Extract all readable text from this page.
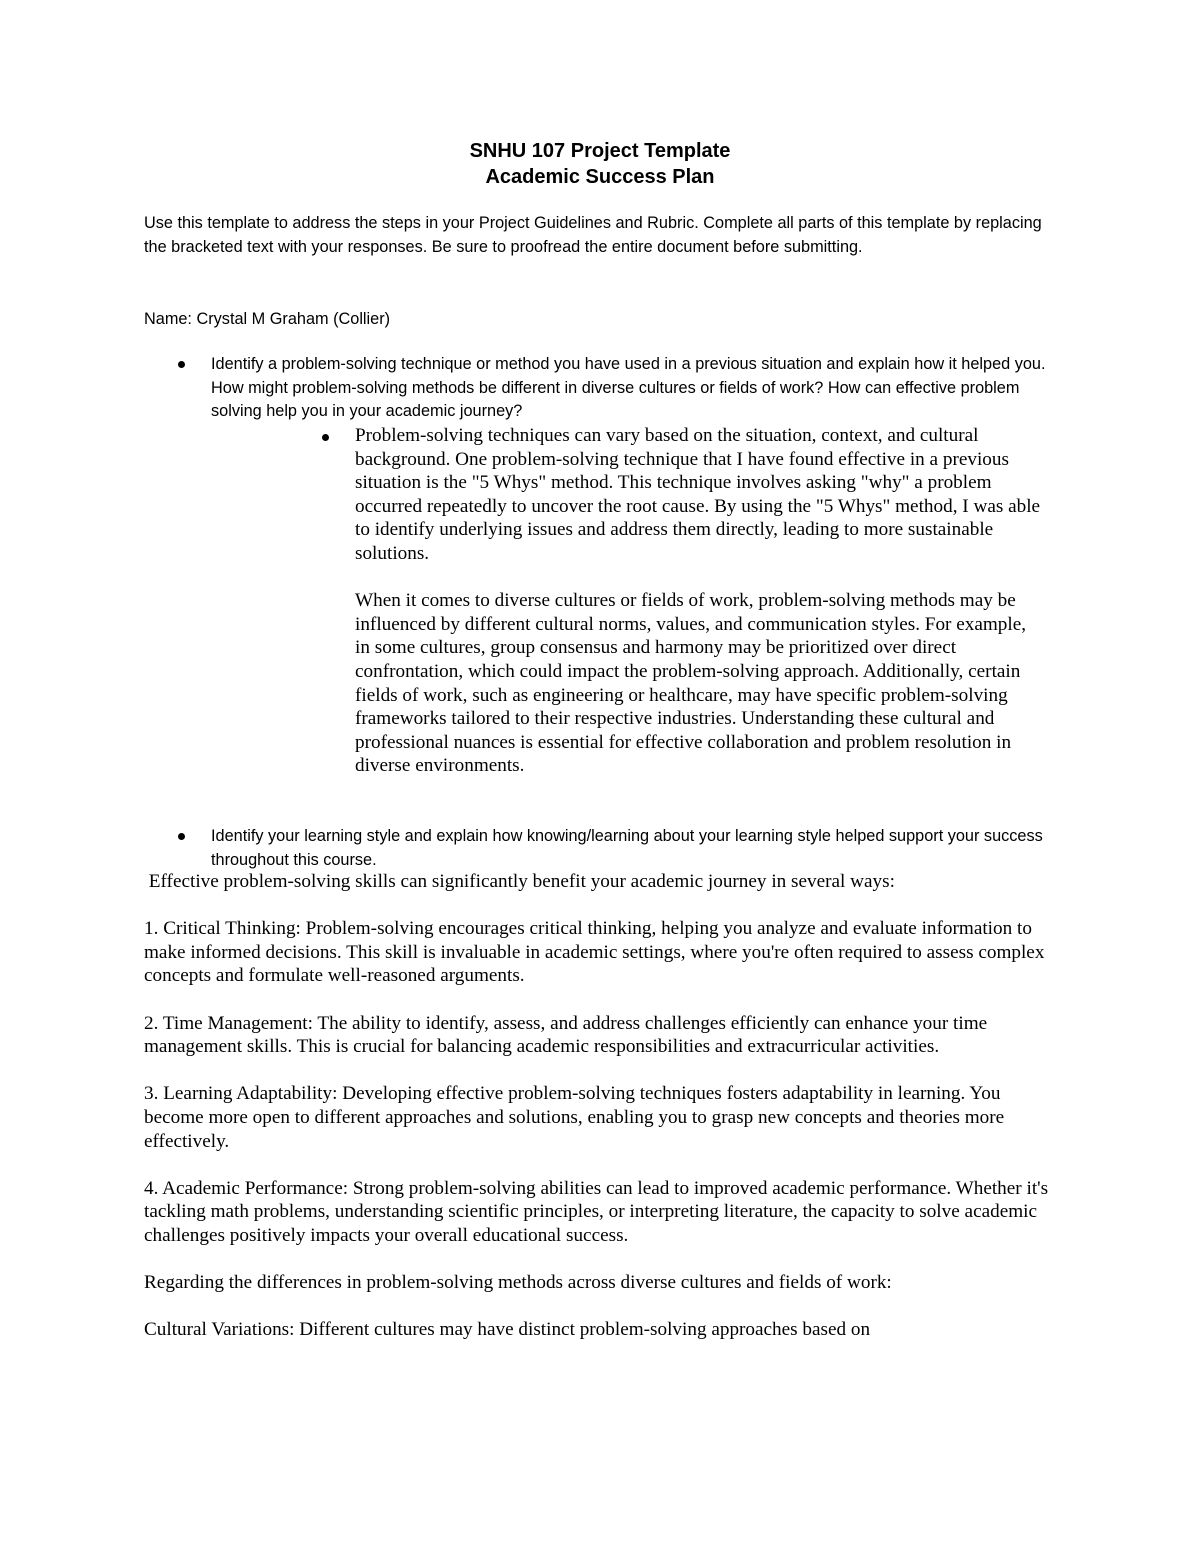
SNHU 107 Project Template
Academic Success Plan

Use this template to address the steps in your Project Guidelines and Rubric. Complete all parts of this template by replacing the bracketed text with your responses. Be sure to proofread the entire document before submitting.

Name: Crystal M Graham (Collier)

Identify a problem-solving technique or method you have used in a previous situation and explain how it helped you. How might problem-solving methods be different in diverse cultures or fields of work? How can effective problem solving help you in your academic journey?

Problem-solving techniques can vary based on the situation, context, and cultural background. One problem-solving technique that I have found effective in a previous situation is the "5 Whys" method. This technique involves asking "why" a problem occurred repeatedly to uncover the root cause. By using the "5 Whys" method, I was able to identify underlying issues and address them directly, leading to more sustainable solutions.

When it comes to diverse cultures or fields of work, problem-solving methods may be influenced by different cultural norms, values, and communication styles. For example, in some cultures, group consensus and harmony may be prioritized over direct confrontation, which could impact the problem-solving approach. Additionally, certain fields of work, such as engineering or healthcare, may have specific problem-solving frameworks tailored to their respective industries. Understanding these cultural and professional nuances is essential for effective collaboration and problem resolution in diverse environments.

Identify your learning style and explain how knowing/learning about your learning style helped support your success throughout this course.

Effective problem-solving skills can significantly benefit your academic journey in several ways:

1. Critical Thinking: Problem-solving encourages critical thinking, helping you analyze and evaluate information to make informed decisions. This skill is invaluable in academic settings, where you're often required to assess complex concepts and formulate well-reasoned arguments.

2. Time Management: The ability to identify, assess, and address challenges efficiently can enhance your time management skills. This is crucial for balancing academic responsibilities and extracurricular activities.

3. Learning Adaptability: Developing effective problem-solving techniques fosters adaptability in learning. You become more open to different approaches and solutions, enabling you to grasp new concepts and theories more effectively.

4. Academic Performance: Strong problem-solving abilities can lead to improved academic performance. Whether it's tackling math problems, understanding scientific principles, or interpreting literature, the capacity to solve academic challenges positively impacts your overall educational success.

Regarding the differences in problem-solving methods across diverse cultures and fields of work:

Cultural Variations: Different cultures may have distinct problem-solving approaches based on
